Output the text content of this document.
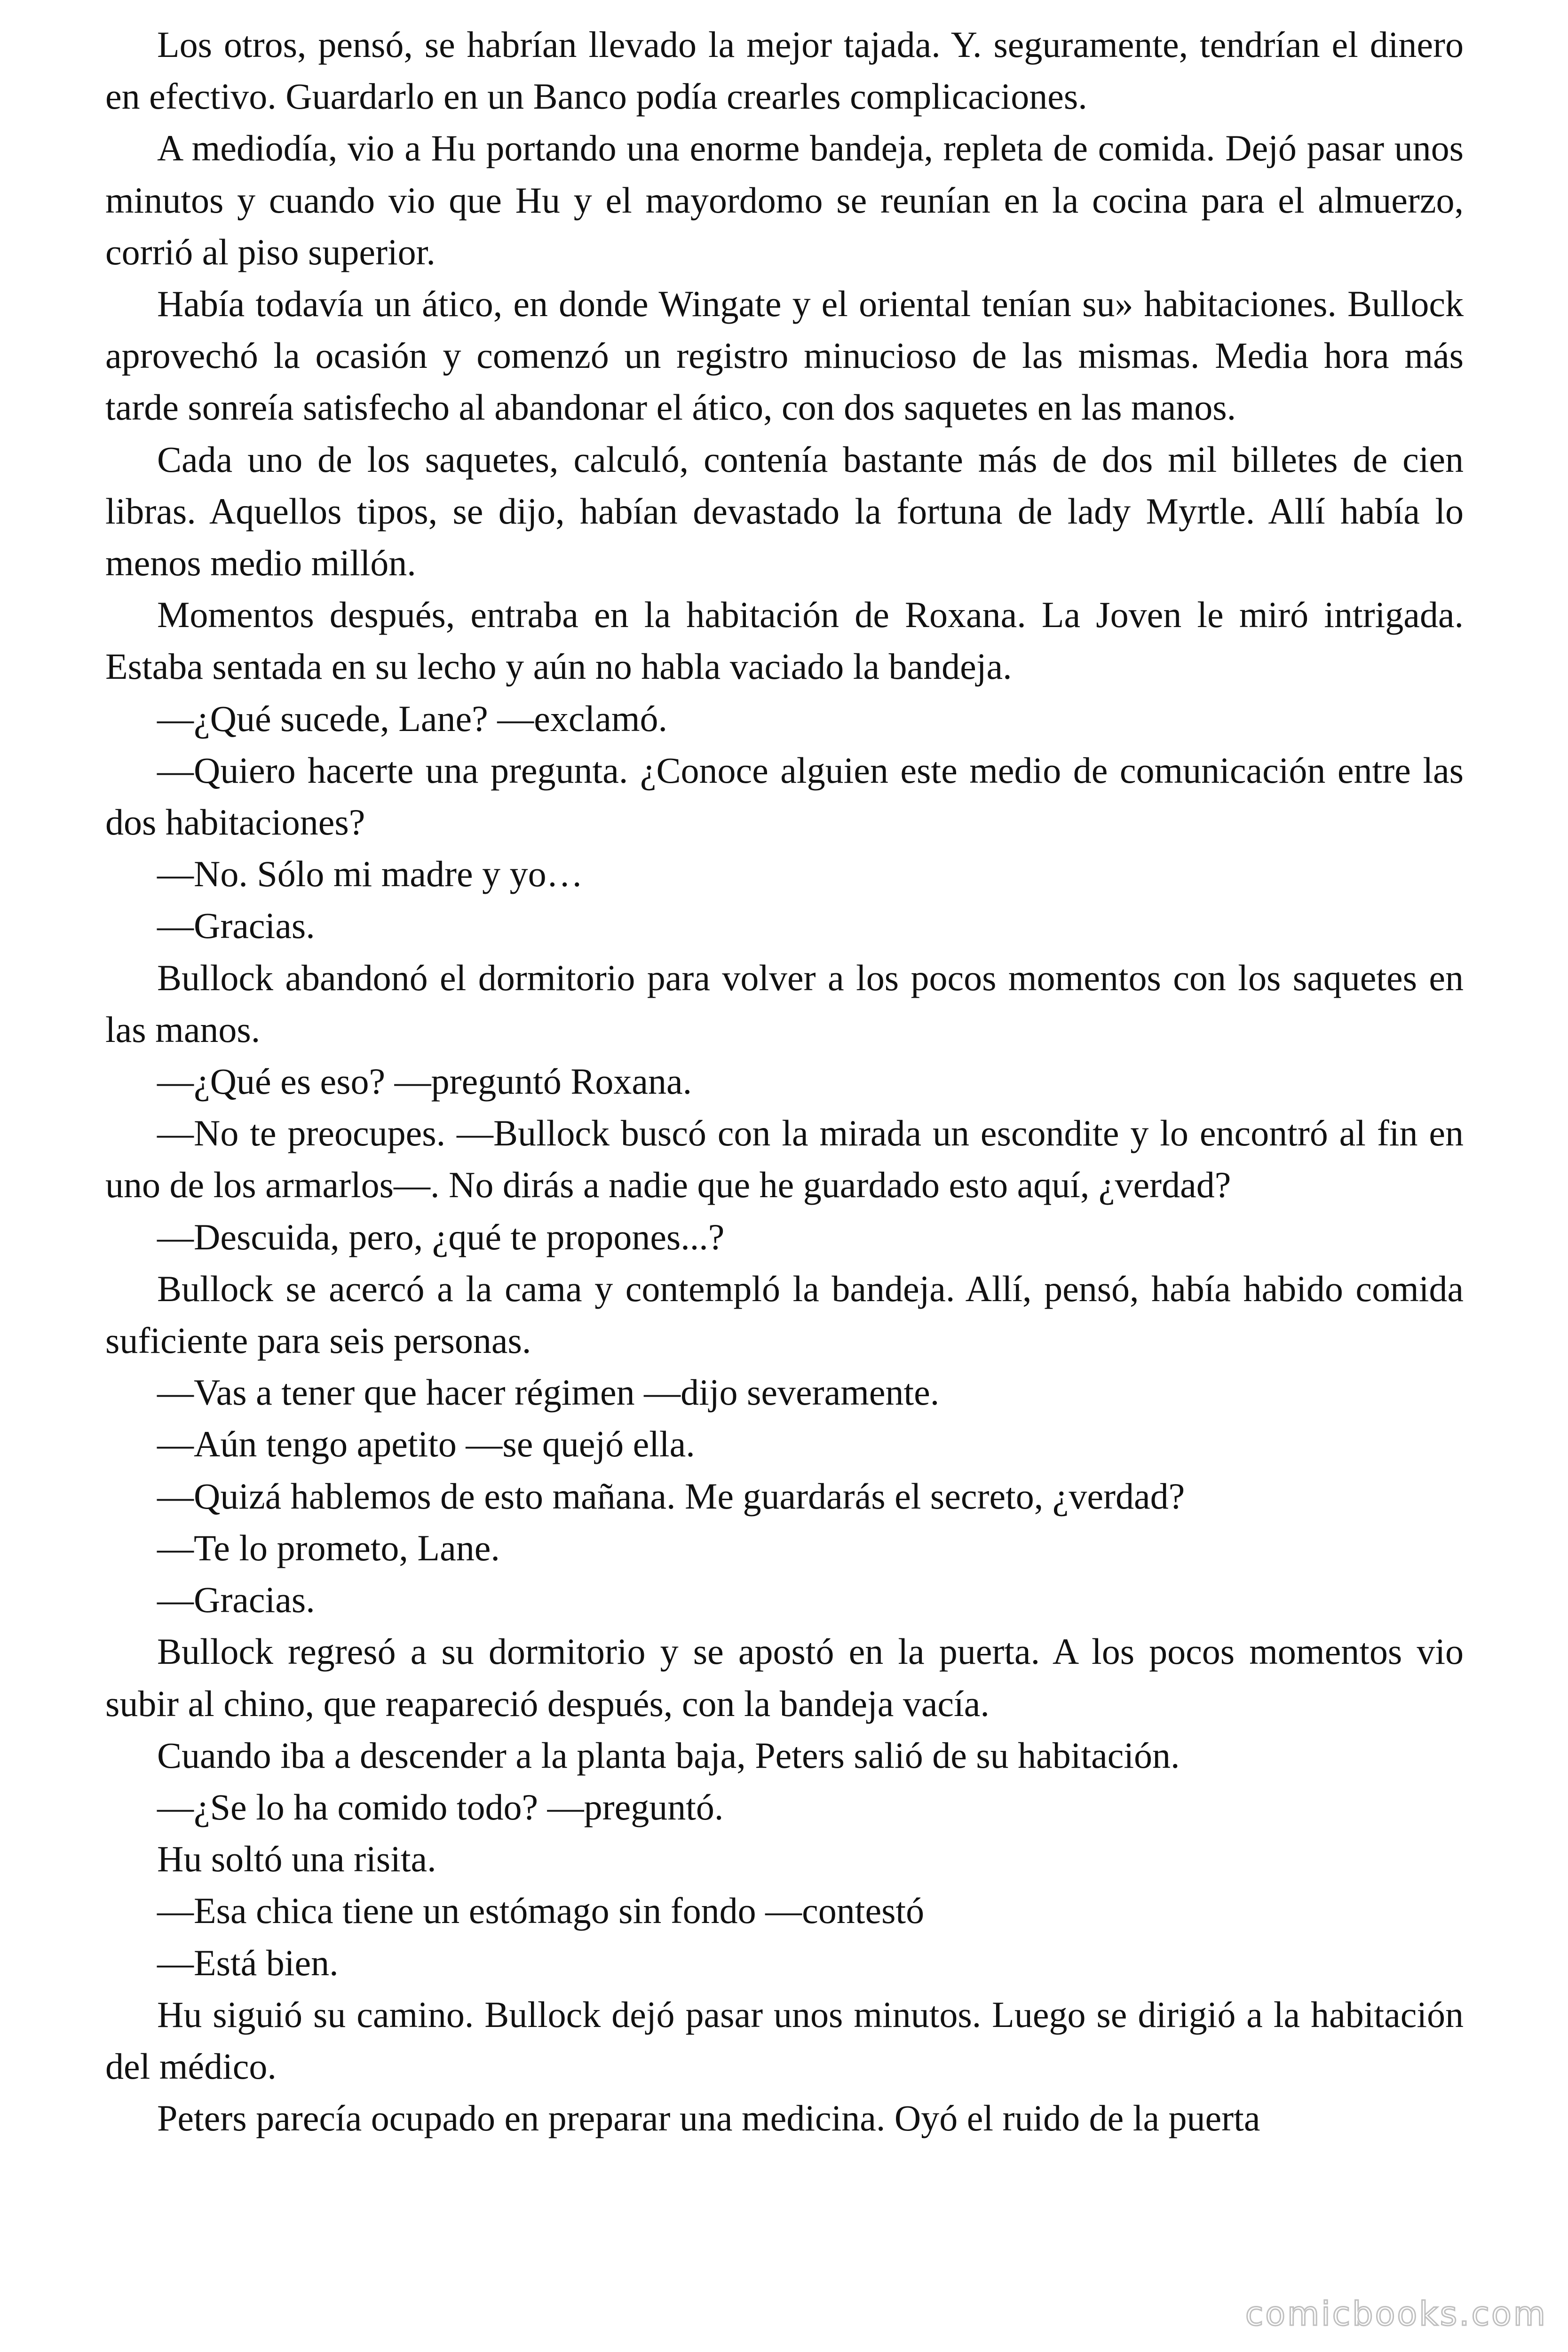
Los otros, pensó, se habrían llevado la mejor tajada. Y. seguramente, tendrían el dinero en efectivo. Guardarlo en un Banco podía crearles complicaciones.

A mediodía, vio a Hu portando una enorme bandeja, repleta de comida. Dejó pasar unos minutos y cuando vio que Hu y el mayordomo se reunían en la cocina para el almuerzo, corrió al piso superior.

Había todavía un ático, en donde Wingate y el oriental tenían su» habitaciones. Bullock aprovechó la ocasión y comenzó un registro minucioso de las mismas. Media hora más tarde sonreía satisfecho al abandonar el ático, con dos saquetes en las manos.

Cada uno de los saquetes, calculó, contenía bastante más de dos mil billetes de cien libras. Aquellos tipos, se dijo, habían devastado la fortuna de lady Myrtle. Allí había lo menos medio millón.

Momentos después, entraba en la habitación de Roxana. La Joven le miró intrigada. Estaba sentada en su lecho y aún no habla vaciado la bandeja.

—¿Qué sucede, Lane? —exclamó.

—Quiero hacerte una pregunta. ¿Conoce alguien este medio de comunicación entre las dos habitaciones?

—No. Sólo mi madre y yo…

—Gracias.

Bullock abandonó el dormitorio para volver a los pocos momentos con los saquetes en las manos.

—¿Qué es eso? —preguntó Roxana.

—No te preocupes. —Bullock buscó con la mirada un escondite y lo encontró al fin en uno de los armarlos—. No dirás a nadie que he guardado esto aquí, ¿verdad?

—Descuida, pero, ¿qué te propones...?

Bullock se acercó a la cama y contempló la bandeja. Allí, pensó, había habido comida suficiente para seis personas.

—Vas a tener que hacer régimen —dijo severamente.

—Aún tengo apetito —se quejó ella.

—Quizá hablemos de esto mañana. Me guardarás el secreto, ¿verdad?

—Te lo prometo, Lane.

—Gracias.

Bullock regresó a su dormitorio y se apostó en la puerta. A los pocos momentos vio subir al chino, que reapareció después, con la bandeja vacía.

Cuando iba a descender a la planta baja, Peters salió de su habitación.

—¿Se lo ha comido todo? —preguntó.

Hu soltó una risita.

—Esa chica tiene un estómago sin fondo —contestó

—Está bien.

Hu siguió su camino. Bullock dejó pasar unos minutos. Luego se dirigió a la habitación del médico.

Peters parecía ocupado en preparar una medicina. Oyó el ruido de la puerta

comicbooks.com
